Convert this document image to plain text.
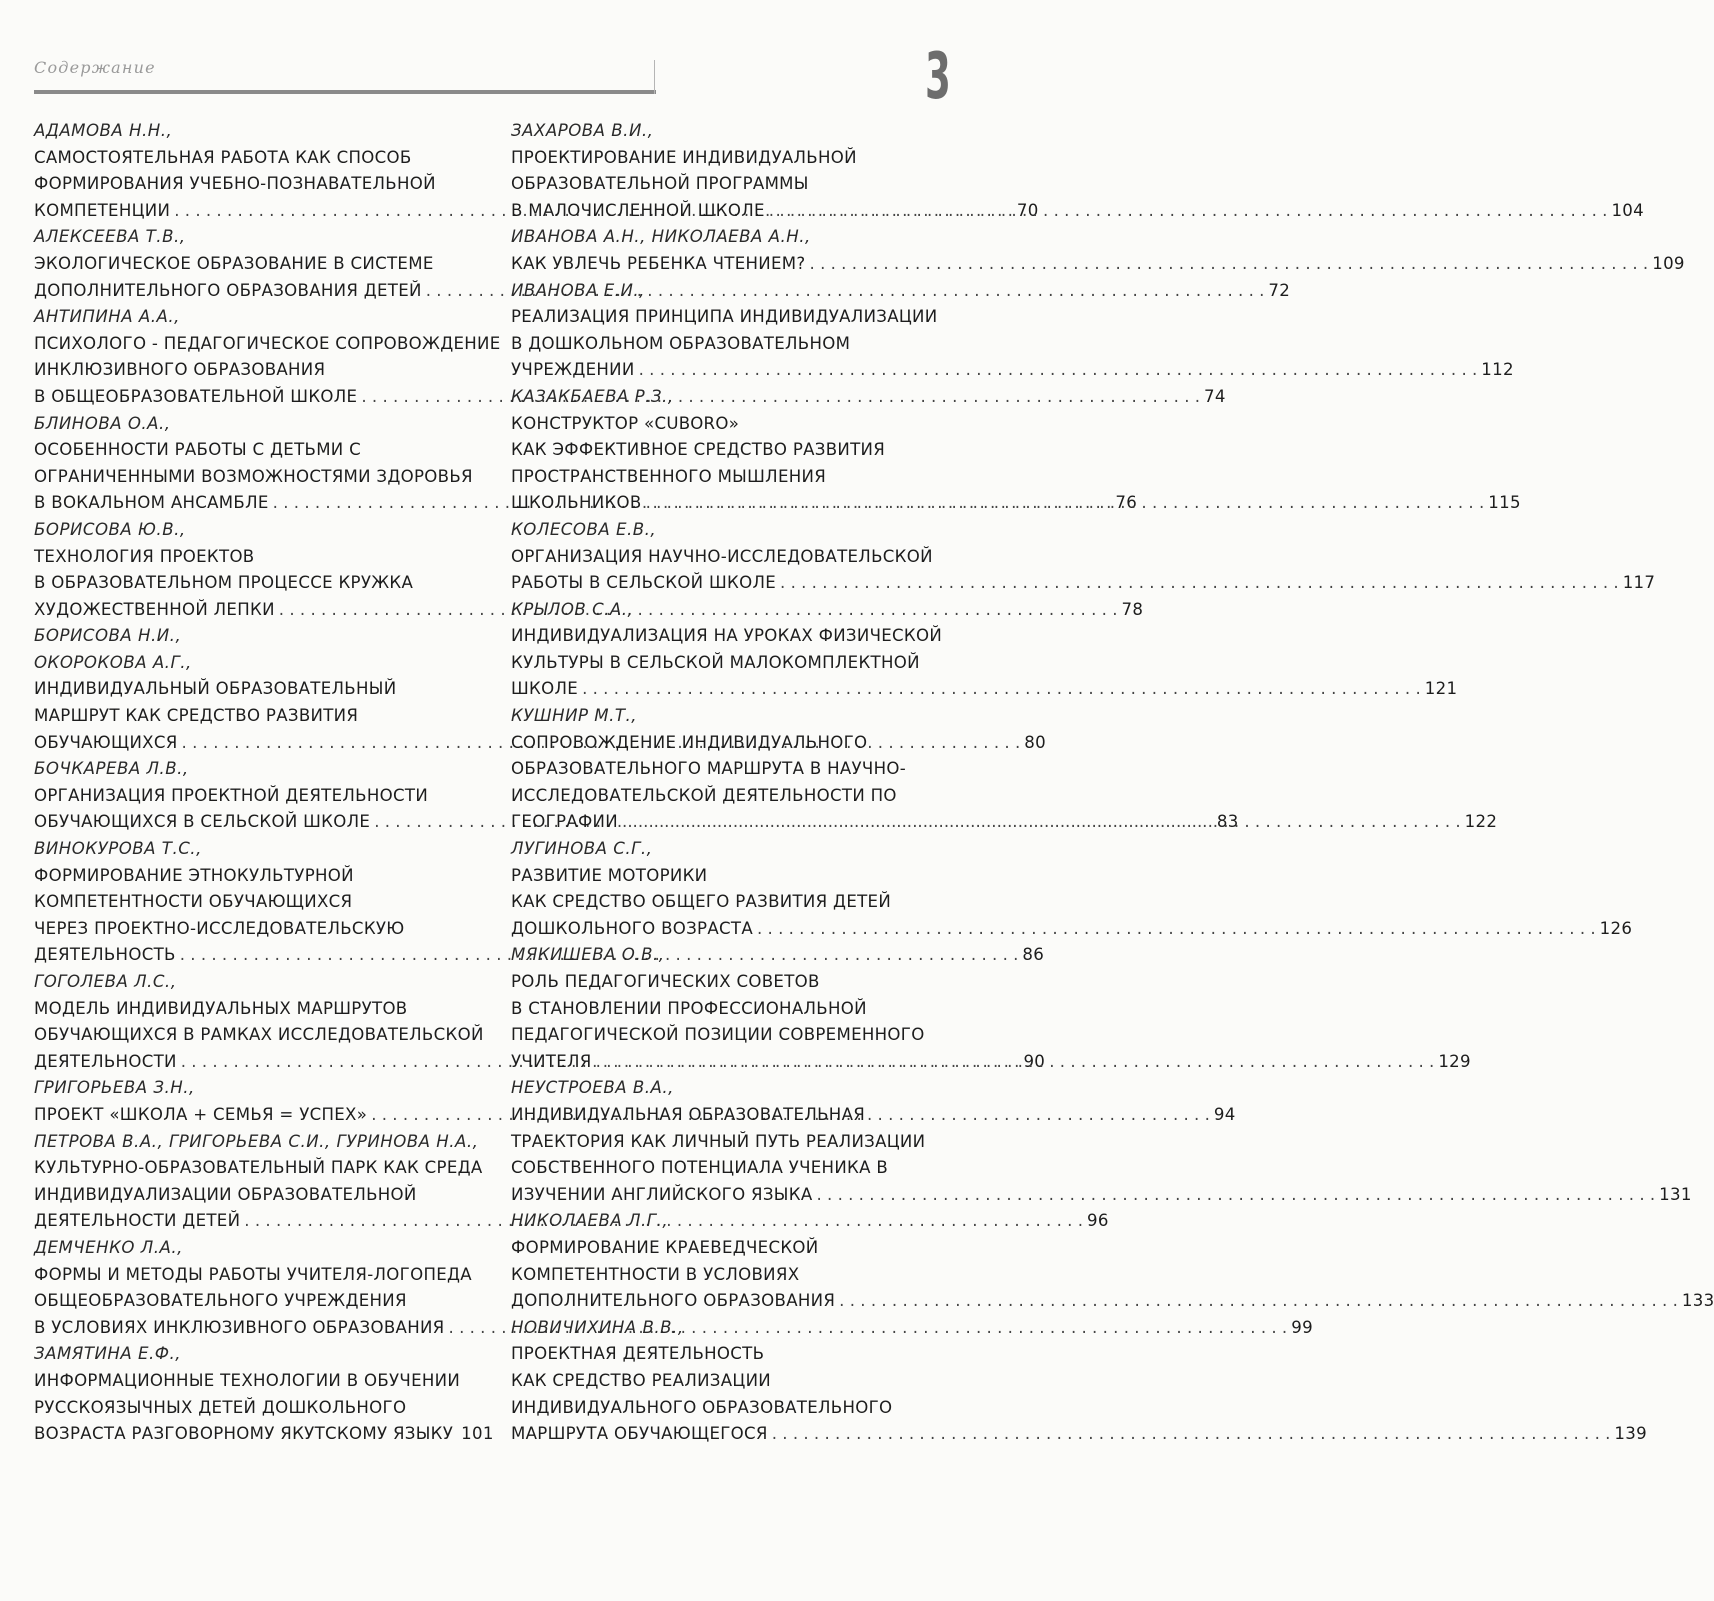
Содержание	3
АДАМОВА Н.Н.,
САМОСТОЯТЕЛЬНАЯ РАБОТА КАК СПОСОБ
ФОРМИРОВАНИЯ УЧЕБНО-ПОЗНАВАТЕЛЬНОЙ
КОМПЕТЕНЦИИ . . .	70
АЛЕКСЕЕВА Т.В.,
ЭКОЛОГИЧЕСКОЕ ОБРАЗОВАНИЕ В СИСТЕМЕ
ДОПОЛНИТЕЛЬНОГО ОБРАЗОВАНИЯ ДЕТЕЙ . . .	72
АНТИПИНА А.А.,
ПСИХОЛОГО - ПЕДАГОГИЧЕСКОЕ СОПРОВОЖДЕНИЕ
ИНКЛЮЗИВНОГО ОБРАЗОВАНИЯ
В ОБЩЕОБРАЗОВАТЕЛЬНОЙ ШКОЛЕ . . .	74
БЛИНОВА О.А.,
ОСОБЕННОСТИ РАБОТЫ С ДЕТЬМИ С
ОГРАНИЧЕННЫМИ ВОЗМОЖНОСТЯМИ ЗДОРОВЬЯ
В ВОКАЛЬНОМ АНСАМБЛЕ . . .	76
БОРИСОВА Ю.В.,
ТЕХНОЛОГИЯ ПРОЕКТОВ
В ОБРАЗОВАТЕЛЬНОМ ПРОЦЕССЕ КРУЖКА
ХУДОЖЕСТВЕННОЙ ЛЕПКИ . . .	78
БОРИСОВА Н.И.,
ОКОРОКОВА А.Г.,
ИНДИВИДУАЛЬНЫЙ ОБРАЗОВАТЕЛЬНЫЙ
МАРШРУТ КАК СРЕДСТВО РАЗВИТИЯ
ОБУЧАЮЩИХСЯ . . .	80
БОЧКАРЕВА Л.В.,
ОРГАНИЗАЦИЯ ПРОЕКТНОЙ ДЕЯТЕЛЬНОСТИ
ОБУЧАЮЩИХСЯ В СЕЛЬСКОЙ ШКОЛЕ . . .	83
ВИНОКУРОВА Т.С.,
ФОРМИРОВАНИЕ ЭТНОКУЛЬТУРНОЙ
КОМПЕТЕНТНОСТИ ОБУЧАЮЩИХСЯ
ЧЕРЕЗ ПРОЕКТНО-ИССЛЕДОВАТЕЛЬСКУЮ
ДЕЯТЕЛЬНОСТЬ . . .	86
ГОГОЛЕВА Л.С.,
МОДЕЛЬ ИНДИВИДУАЛЬНЫХ МАРШРУТОВ
ОБУЧАЮЩИХСЯ В РАМКАХ ИССЛЕДОВАТЕЛЬСКОЙ
ДЕЯТЕЛЬНОСТИ . . .	90
ГРИГОРЬЕВА З.Н.,
ПРОЕКТ «ШКОЛА + СЕМЬЯ = УСПЕХ» . . .	94
ПЕТРОВА В.А., ГРИГОРЬЕВА С.И., ГУРИНОВА Н.А.,
КУЛЬТУРНО-ОБРАЗОВАТЕЛЬНЫЙ ПАРК КАК СРЕДА
ИНДИВИДУАЛИЗАЦИИ ОБРАЗОВАТЕЛЬНОЙ
ДЕЯТЕЛЬНОСТИ ДЕТЕЙ . . .	96
ДЕМЧЕНКО Л.А.,
ФОРМЫ И МЕТОДЫ РАБОТЫ УЧИТЕЛЯ-ЛОГОПЕДА
ОБЩЕОБРАЗОВАТЕЛЬНОГО УЧРЕЖДЕНИЯ
В УСЛОВИЯХ ИНКЛЮЗИВНОГО ОБРАЗОВАНИЯ . . .	99
ЗАМЯТИНА Е.Ф.,
ИНФОРМАЦИОННЫЕ ТЕХНОЛОГИИ В ОБУЧЕНИИ
РУССКОЯЗЫЧНЫХ ДЕТЕЙ ДОШКОЛЬНОГО
ВОЗРАСТА РАЗГОВОРНОМУ ЯКУТСКОМУ ЯЗЫКУ 101
ЗАХАРОВА В.И.,
ПРОЕКТИРОВАНИЕ ИНДИВИДУАЛЬНОЙ
ОБРАЗОВАТЕЛЬНОЙ ПРОГРАММЫ
В МАЛОЧИСЛЕННОЙ ШКОЛЕ . . .	104
ИВАНОВА А.Н., НИКОЛАЕВА А.Н.,
КАК УВЛЕЧЬ РЕБЕНКА ЧТЕНИЕМ? . . .	109
ИВАНОВА Е.И.,
РЕАЛИЗАЦИЯ ПРИНЦИПА ИНДИВИДУАЛИЗАЦИИ
В ДОШКОЛЬНОМ ОБРАЗОВАТЕЛЬНОМ
УЧРЕЖДЕНИИ . . .	112
КАЗАКБАЕВА Р.З.,
КОНСТРУКТОР «CUBORO»
КАК ЭФФЕКТИВНОЕ СРЕДСТВО РАЗВИТИЯ
ПРОСТРАНСТВЕННОГО МЫШЛЕНИЯ
ШКОЛЬНИКОВ . . .	115
КОЛЕСОВА Е.В.,
ОРГАНИЗАЦИЯ НАУЧНО-ИССЛЕДОВАТЕЛЬСКОЙ
РАБОТЫ В СЕЛЬСКОЙ ШКОЛЕ . . .	117
КРЫЛОВ С.А.,
ИНДИВИДУАЛИЗАЦИЯ НА УРОКАХ ФИЗИЧЕСКОЙ
КУЛЬТУРЫ В СЕЛЬСКОЙ МАЛОКОМПЛЕКТНОЙ
ШКОЛЕ . . .	121
КУШНИР М.Т.,
СОПРОВОЖДЕНИЕ ИНДИВИДУАЛЬНОГО
ОБРАЗОВАТЕЛЬНОГО МАРШРУТА В НАУЧНО-
ИССЛЕДОВАТЕЛЬСКОЙ ДЕЯТЕЛЬНОСТИ ПО
ГЕОГРАФИИ . . .	122
ЛУГИНОВА С.Г.,
РАЗВИТИЕ МОТОРИКИ
КАК СРЕДСТВО ОБЩЕГО РАЗВИТИЯ ДЕТЕЙ
ДОШКОЛЬНОГО ВОЗРАСТА . . .	126
МЯКИШЕВА О.В.,
РОЛЬ ПЕДАГОГИЧЕСКИХ СОВЕТОВ
В СТАНОВЛЕНИИ ПРОФЕССИОНАЛЬНОЙ
ПЕДАГОГИЧЕСКОЙ ПОЗИЦИИ СОВРЕМЕННОГО
УЧИТЕЛЯ . . .	129
НЕУСТРОЕВА В.А.,
ИНДИВИДУАЛЬНАЯ ОБРАЗОВАТЕЛЬНАЯ
ТРАЕКТОРИЯ КАК ЛИЧНЫЙ ПУТЬ РЕАЛИЗАЦИИ
СОБСТВЕННОГО ПОТЕНЦИАЛА УЧЕНИКА В
ИЗУЧЕНИИ АНГЛИЙСКОГО ЯЗЫКА . . .	131
НИКОЛАЕВА Л.Г.,
ФОРМИРОВАНИЕ КРАЕВЕДЧЕСКОЙ
КОМПЕТЕНТНОСТИ В УСЛОВИЯХ
ДОПОЛНИТЕЛЬНОГО ОБРАЗОВАНИЯ . . .	133
НОВИЧИХИНА В.В.,
ПРОЕКТНАЯ ДЕЯТЕЛЬНОСТЬ
КАК СРЕДСТВО РЕАЛИЗАЦИИ
ИНДИВИДУАЛЬНОГО ОБРАЗОВАТЕЛЬНОГО
МАРШРУТА ОБУЧАЮЩЕГОСЯ . . .	139
